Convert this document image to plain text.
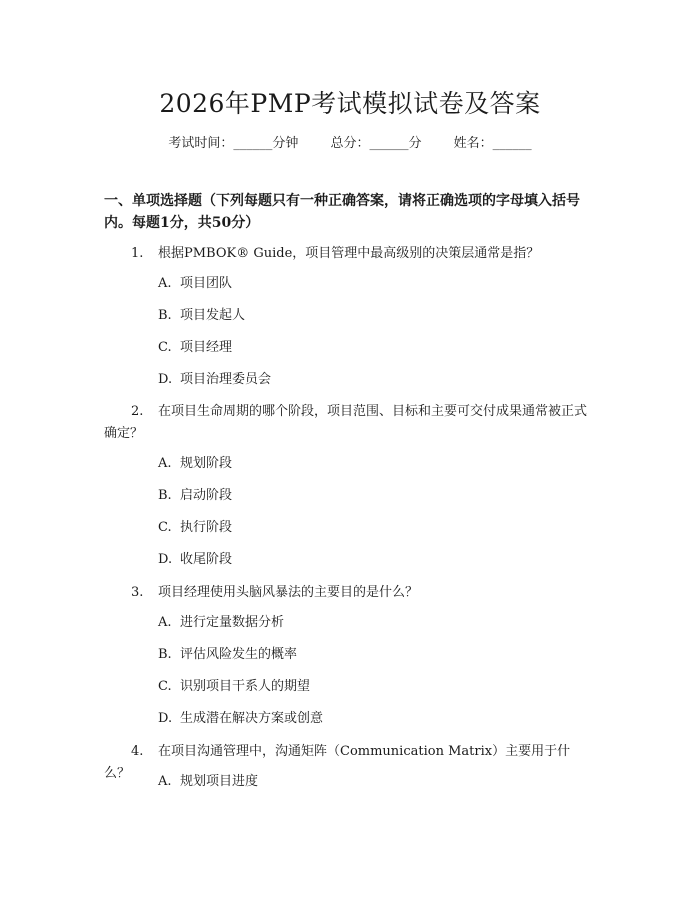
2026年PMP考试模拟试卷及答案
考试时间：______分钟 总分：______分 姓名：______
一、单项选择题（下列每题只有一种正确答案，请将正确选项的字母填入括号内。每题1分，共50分）
1. 根据PMBOK® Guide，项目管理中最高级别的决策层通常是指？
A. 项目团队
B. 项目发起人
C. 项目经理
D. 项目治理委员会
2. 在项目生命周期的哪个阶段，项目范围、目标和主要可交付成果通常被正式确定？
A. 规划阶段
B. 启动阶段
C. 执行阶段
D. 收尾阶段
3. 项目经理使用头脑风暴法的主要目的是什么？
A. 进行定量数据分析
B. 评估风险发生的概率
C. 识别项目干系人的期望
D. 生成潜在解决方案或创意
4. 在项目沟通管理中，沟通矩阵（Communication Matrix）主要用于什么？
A. 规划项目进度
